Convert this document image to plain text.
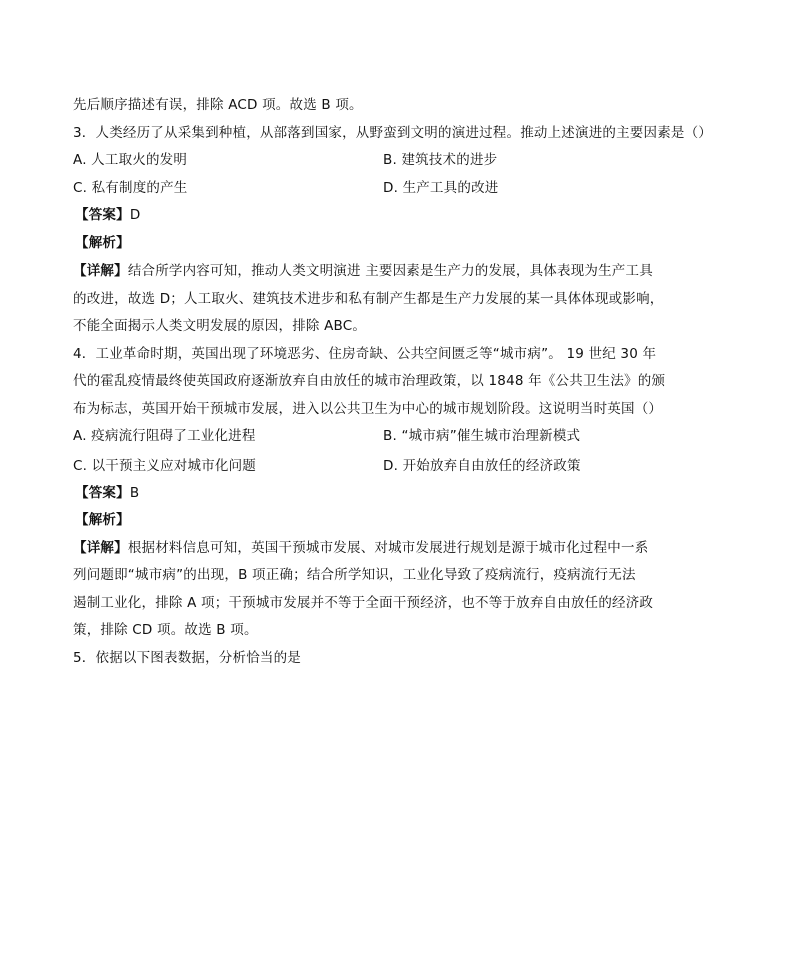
先后顺序描述有误，排除 ACD 项。故选 B 项。
3．人类经历了从采集到种植，从部落到国家，从野蛮到文明的演进过程。推动上述演进的主要因素是（）
A. 人工取火的发明	B. 建筑技术的进步
C. 私有制度的产生	D. 生产工具的改进
【答案】D
【解析】
【详解】结合所学内容可知，推动人类文明演进 主要因素是生产力的发展，具体表现为生产工具
的改进，故选 D；人工取火、建筑技术进步和私有制产生都是生产力发展的某一具体体现或影响，
不能全面揭示人类文明发展的原因，排除 ABC。
4．工业革命时期，英国出现了环境恶劣、住房奇缺、公共空间匮乏等“城市病”。 19 世纪 30 年
代的霍乱疫情最终使英国政府逐渐放弃自由放任的城市治理政策，以 1848 年《公共卫生法》的颁
布为标志，英国开始干预城市发展，进入以公共卫生为中心的城市规划阶段。这说明当时英国（）
A. 疫病流行阻碍了工业化进程	B. “城市病”催生城市治理新模式
C. 以干预主义应对城市化问题	D. 开始放弃自由放任的经济政策
【答案】B
【解析】
【详解】根据材料信息可知，英国干预城市发展、对城市发展进行规划是源于城市化过程中一系
列问题即“城市病”的出现，B 项正确；结合所学知识，工业化导致了疫病流行，疫病流行无法
遏制工业化，排除 A 项；干预城市发展并不等于全面干预经济，也不等于放弃自由放任的经济政
策，排除 CD 项。故选 B 项。
5．依据以下图表数据，分析恰当的是
